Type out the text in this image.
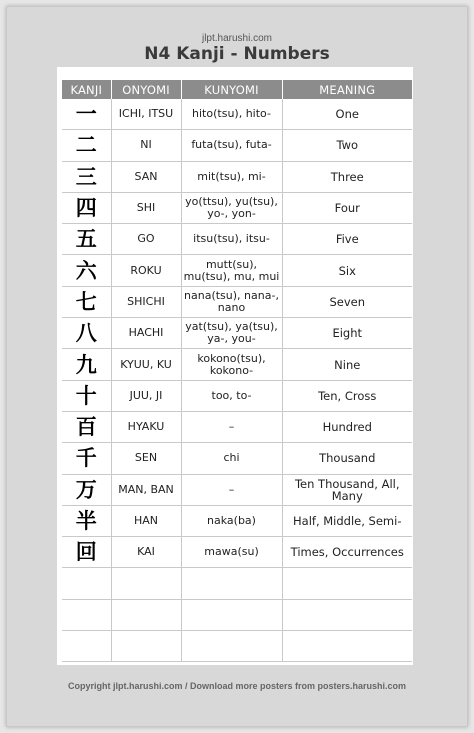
jlpt.harushi.com
N4 Kanji - Numbers
KANJI	ONYOMI	KUNYOMI	MEANING
一	ICHI, ITSU	hito(tsu), hito-	One
二	NI	futa(tsu), futa-	Two
三	SAN	mit(tsu), mi-	Three
四	SHI	yo(ttsu), yu(tsu), yo-, yon-	Four
五	GO	itsu(tsu), itsu-	Five
六	ROKU	mutt(su), mu(tsu), mu, mui	Six
七	SHICHI	nana(tsu), nana-, nano	Seven
八	HACHI	yat(tsu), ya(tsu), ya-, you-	Eight
九	KYUU, KU	kokono(tsu), kokono-	Nine
十	JUU, JI	too, to-	Ten, Cross
百	HYAKU	–	Hundred
千	SEN	chi	Thousand
万	MAN, BAN	–	Ten Thousand, All, Many
半	HAN	naka(ba)	Half, Middle, Semi-
回	KAI	mawa(su)	Times, Occurrences

Copyright jlpt.harushi.com / Download more posters from posters.harushi.com
